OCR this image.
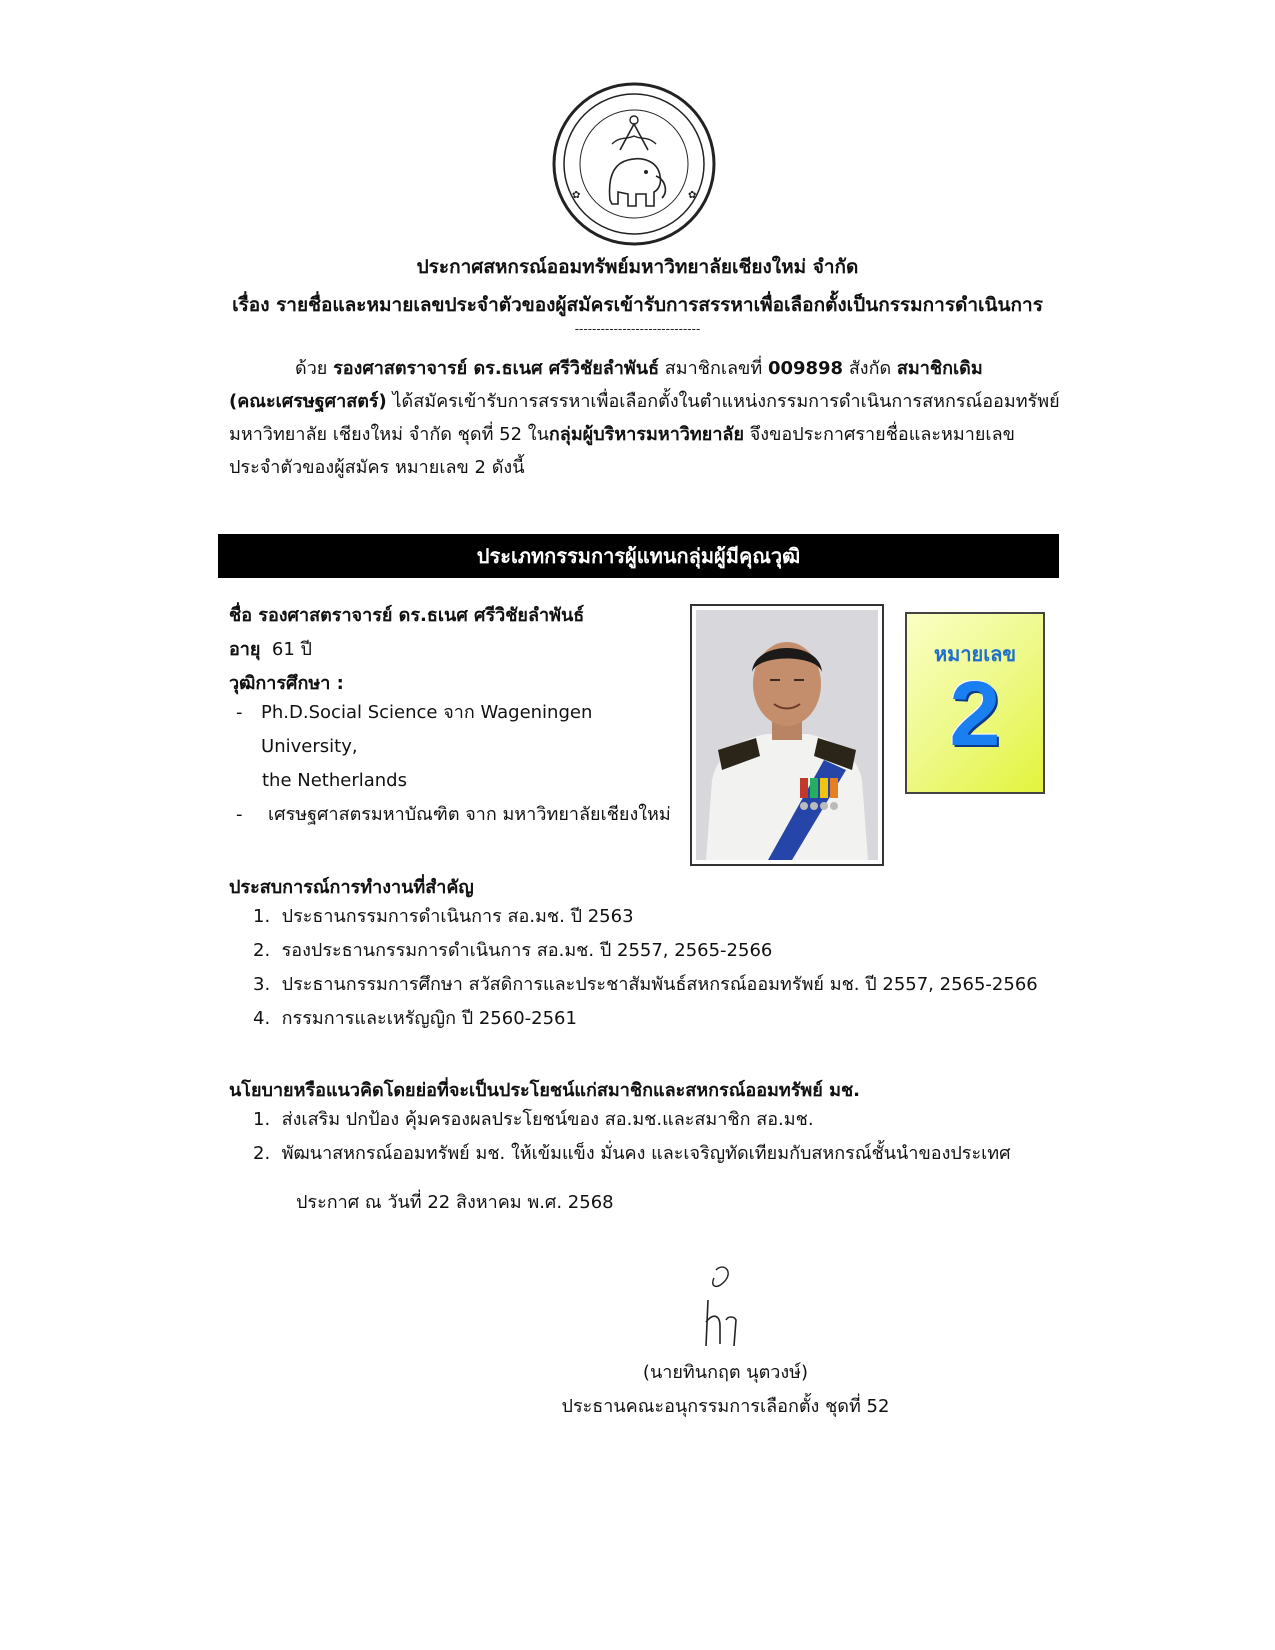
✿	✿
ประกาศสหกรณ์ออมทรัพย์มหาวิทยาลัยเชียงใหม่ จำกัด
เรื่อง รายชื่อและหมายเลขประจำตัวของผู้สมัครเข้ารับการสรรหาเพื่อเลือกตั้งเป็นกรรมการดำเนินการ
-----------------------------
ด้วย รองศาสตราจารย์ ดร.ธเนศ ศรีวิชัยลำพันธ์ สมาชิกเลขที่ 009898 สังกัด สมาชิกเดิม
(คณะเศรษฐศาสตร์) ได้สมัครเข้ารับการสรรหาเพื่อเลือกตั้งในตำแหน่งกรรมการดำเนินการสหกรณ์ออมทรัพย์
มหาวิทยาลัย เชียงใหม่ จำกัด ชุดที่ 52 ในกลุ่มผู้บริหารมหาวิทยาลัย จึงขอประกาศรายชื่อและหมายเลข
ประจำตัวของผู้สมัคร หมายเลข 2 ดังนี้
ประเภทกรรมการผู้แทนกลุ่มผู้มีคุณวุฒิ
ชื่อ รองศาสตราจารย์ ดร.ธเนศ ศรีวิชัยลำพันธ์
อายุ 61 ปี
วุฒิการศึกษา :
-	Ph.D.Social Science จาก Wageningen University,
the Netherlands
-	เศรษฐศาสตรมหาบัณฑิต จาก มหาวิทยาลัยเชียงใหม่
หมายเลข
2
ประสบการณ์การทำงานที่สำคัญ
1. ประธานกรรมการดำเนินการ สอ.มช. ปี 2563
2. รองประธานกรรมการดำเนินการ สอ.มช. ปี 2557, 2565-2566
3. ประธานกรรมการศึกษา สวัสดิการและประชาสัมพันธ์สหกรณ์ออมทรัพย์ มช. ปี 2557, 2565-2566
4. กรรมการและเหรัญญิก ปี 2560-2561
นโยบายหรือแนวคิดโดยย่อที่จะเป็นประโยชน์แก่สมาชิกและสหกรณ์ออมทรัพย์ มช.
1. ส่งเสริม ปกป้อง คุ้มครองผลประโยชน์ของ สอ.มช.และสมาชิก สอ.มช.
2. พัฒนาสหกรณ์ออมทรัพย์ มช. ให้เข้มแข็ง มั่นคง และเจริญทัดเทียมกับสหกรณ์ชั้นนำของประเทศ
ประกาศ ณ วันที่ 22 สิงหาคม พ.ศ. 2568
(นายทินกฤต นุตวงษ์)
ประธานคณะอนุกรรมการเลือกตั้ง ชุดที่ 52
